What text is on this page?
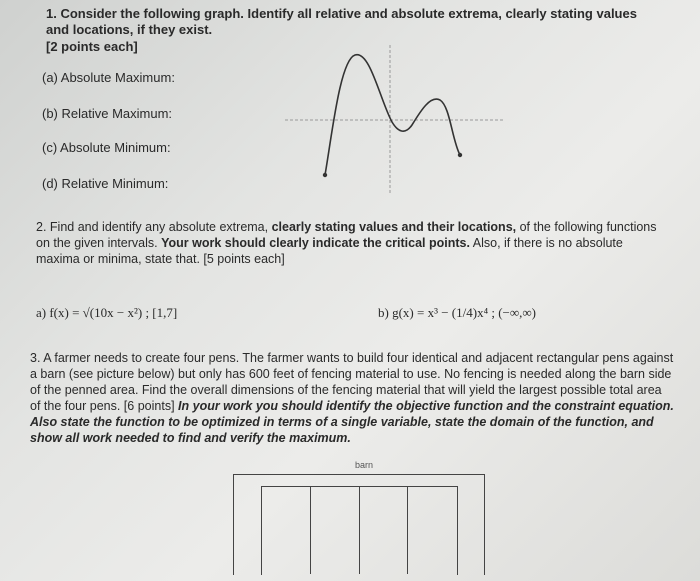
1. Consider the following graph. Identify all relative and absolute extrema, clearly stating values and locations, if they exist.
[2 points each]
(a) Absolute Maximum:
(b) Relative Maximum:
(c) Absolute Minimum:
(d) Relative Minimum:
2. Find and identify any absolute extrema, clearly stating values and their locations, of the following functions on the given intervals. Your work should clearly indicate the critical points. Also, if there is no absolute maxima or minima, state that. [5 points each]
a) f(x) = √(10x − x²) ; [1,7]	b) g(x) = x³ − (1/4)x⁴ ; (−∞,∞)
3. A farmer needs to create four pens. The farmer wants to build four identical and adjacent rectangular pens against a barn (see picture below) but only has 600 feet of fencing material to use. No fencing is needed along the barn side of the penned area. Find the overall dimensions of the fencing material that will yield the largest possible total area of the four pens. [6 points] In your work you should identify the objective function and the constraint equation. Also state the function to be optimized in terms of a single variable, state the domain of the function, and show all work needed to find and verify the maximum.
barn
